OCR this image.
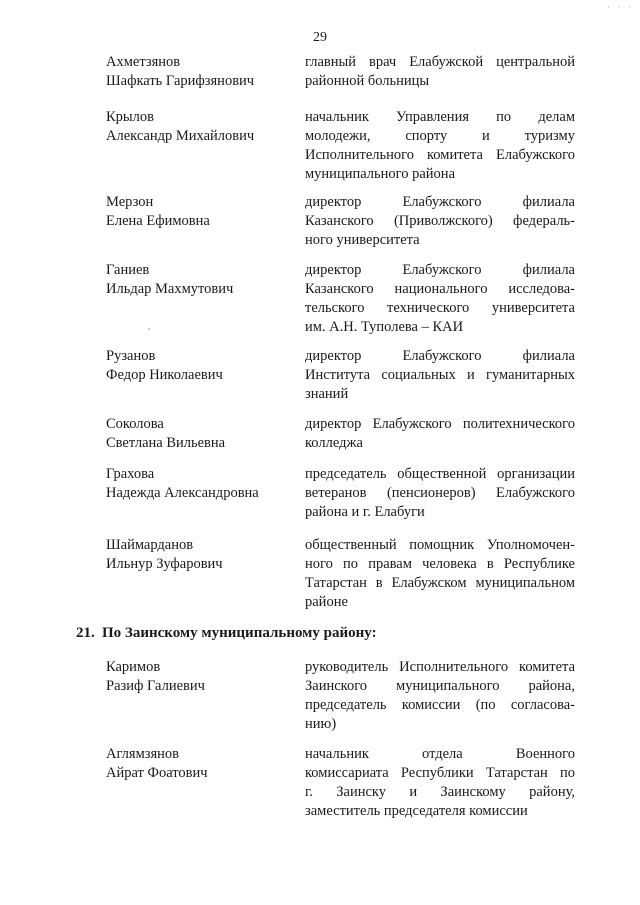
29
· · ·
Ахметзянов
Шафкать Гарифзянович
главный врач Елабужской центральной
районной больницы
Крылов
Александр Михайлович
начальник Управления по делам
молодежи, спорту и туризму
Исполнительного комитета Елабужского
муниципального района
Мерзон
Елена Ефимовна
директор Елабужского филиала
Казанского (Приволжского) федераль-
ного университета
Ганиев
Ильдар Махмутович
директор Елабужского филиала
Казанского национального исследова-
тельского технического университета
им. А.Н. Туполева – КАИ
Рузанов
Федор Николаевич
директор Елабужского филиала
Института социальных и гуманитарных
знаний
Соколова
Светлана Вильевна
директор Елабужского политехнического
колледжа
Грахова
Надежда Александровна
председатель общественной организации
ветеранов (пенсионеров) Елабужского
района и г. Елабуги
Шаймарданов
Ильнур Зуфарович
общественный помощник Уполномочен-
ного по правам человека в Республике
Татарстан в Елабужском муниципальном
районе
21. По Заинскому муниципальному району:
Каримов
Разиф Галиевич
руководитель Исполнительного комитета
Заинского муниципального района,
председатель комиссии (по согласова-
нию)
Аглямзянов
Айрат Фоатович
начальник отдела Военного
комиссариата Республики Татарстан по
г. Заинску и Заинскому району,
заместитель председателя комиссии
